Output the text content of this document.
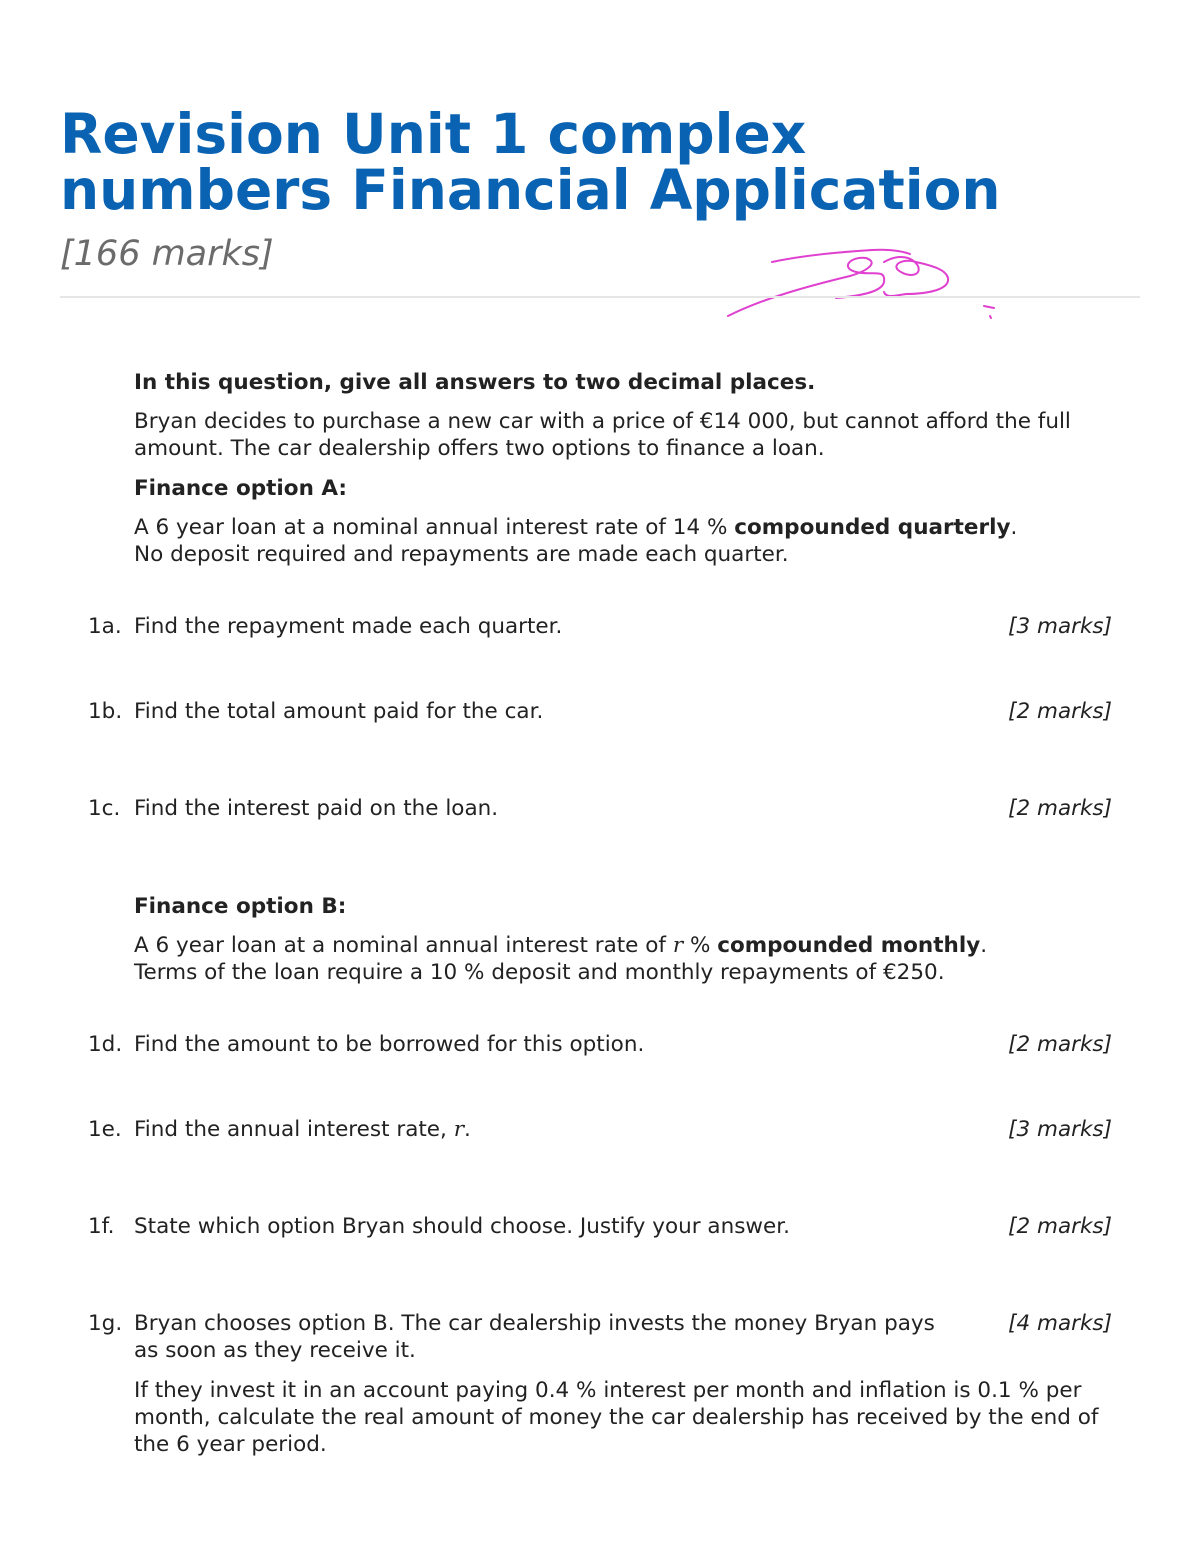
Revision Unit 1 complex numbers Financial Application [166 marks]

In this question, give all answers to two decimal places.

Bryan decides to purchase a new car with a price of €14 000, but cannot afford the full amount. The car dealership offers two options to finance a loan.

Finance option A:

A 6 year loan at a nominal annual interest rate of 14 % compounded quarterly.
No deposit required and repayments are made each quarter.

1a. Find the repayment made each quarter.	[3 marks]
1b. Find the total amount paid for the car.	[2 marks]
1c. Find the interest paid on the loan.	[2 marks]

Finance option B:

A 6 year loan at a nominal annual interest rate of r % compounded monthly.
Terms of the loan require a 10 % deposit and monthly repayments of €250.

1d. Find the amount to be borrowed for this option.	[2 marks]
1e. Find the annual interest rate, r.	[3 marks]
1f. State which option Bryan should choose. Justify your answer.	[2 marks]
1g. Bryan chooses option B. The car dealership invests the money Bryan pays as soon as they receive it.
[4 marks]

If they invest it in an account paying 0.4 % interest per month and inflation is 0.1 % per month, calculate the real amount of money the car dealership has received by the end of the 6 year period.
